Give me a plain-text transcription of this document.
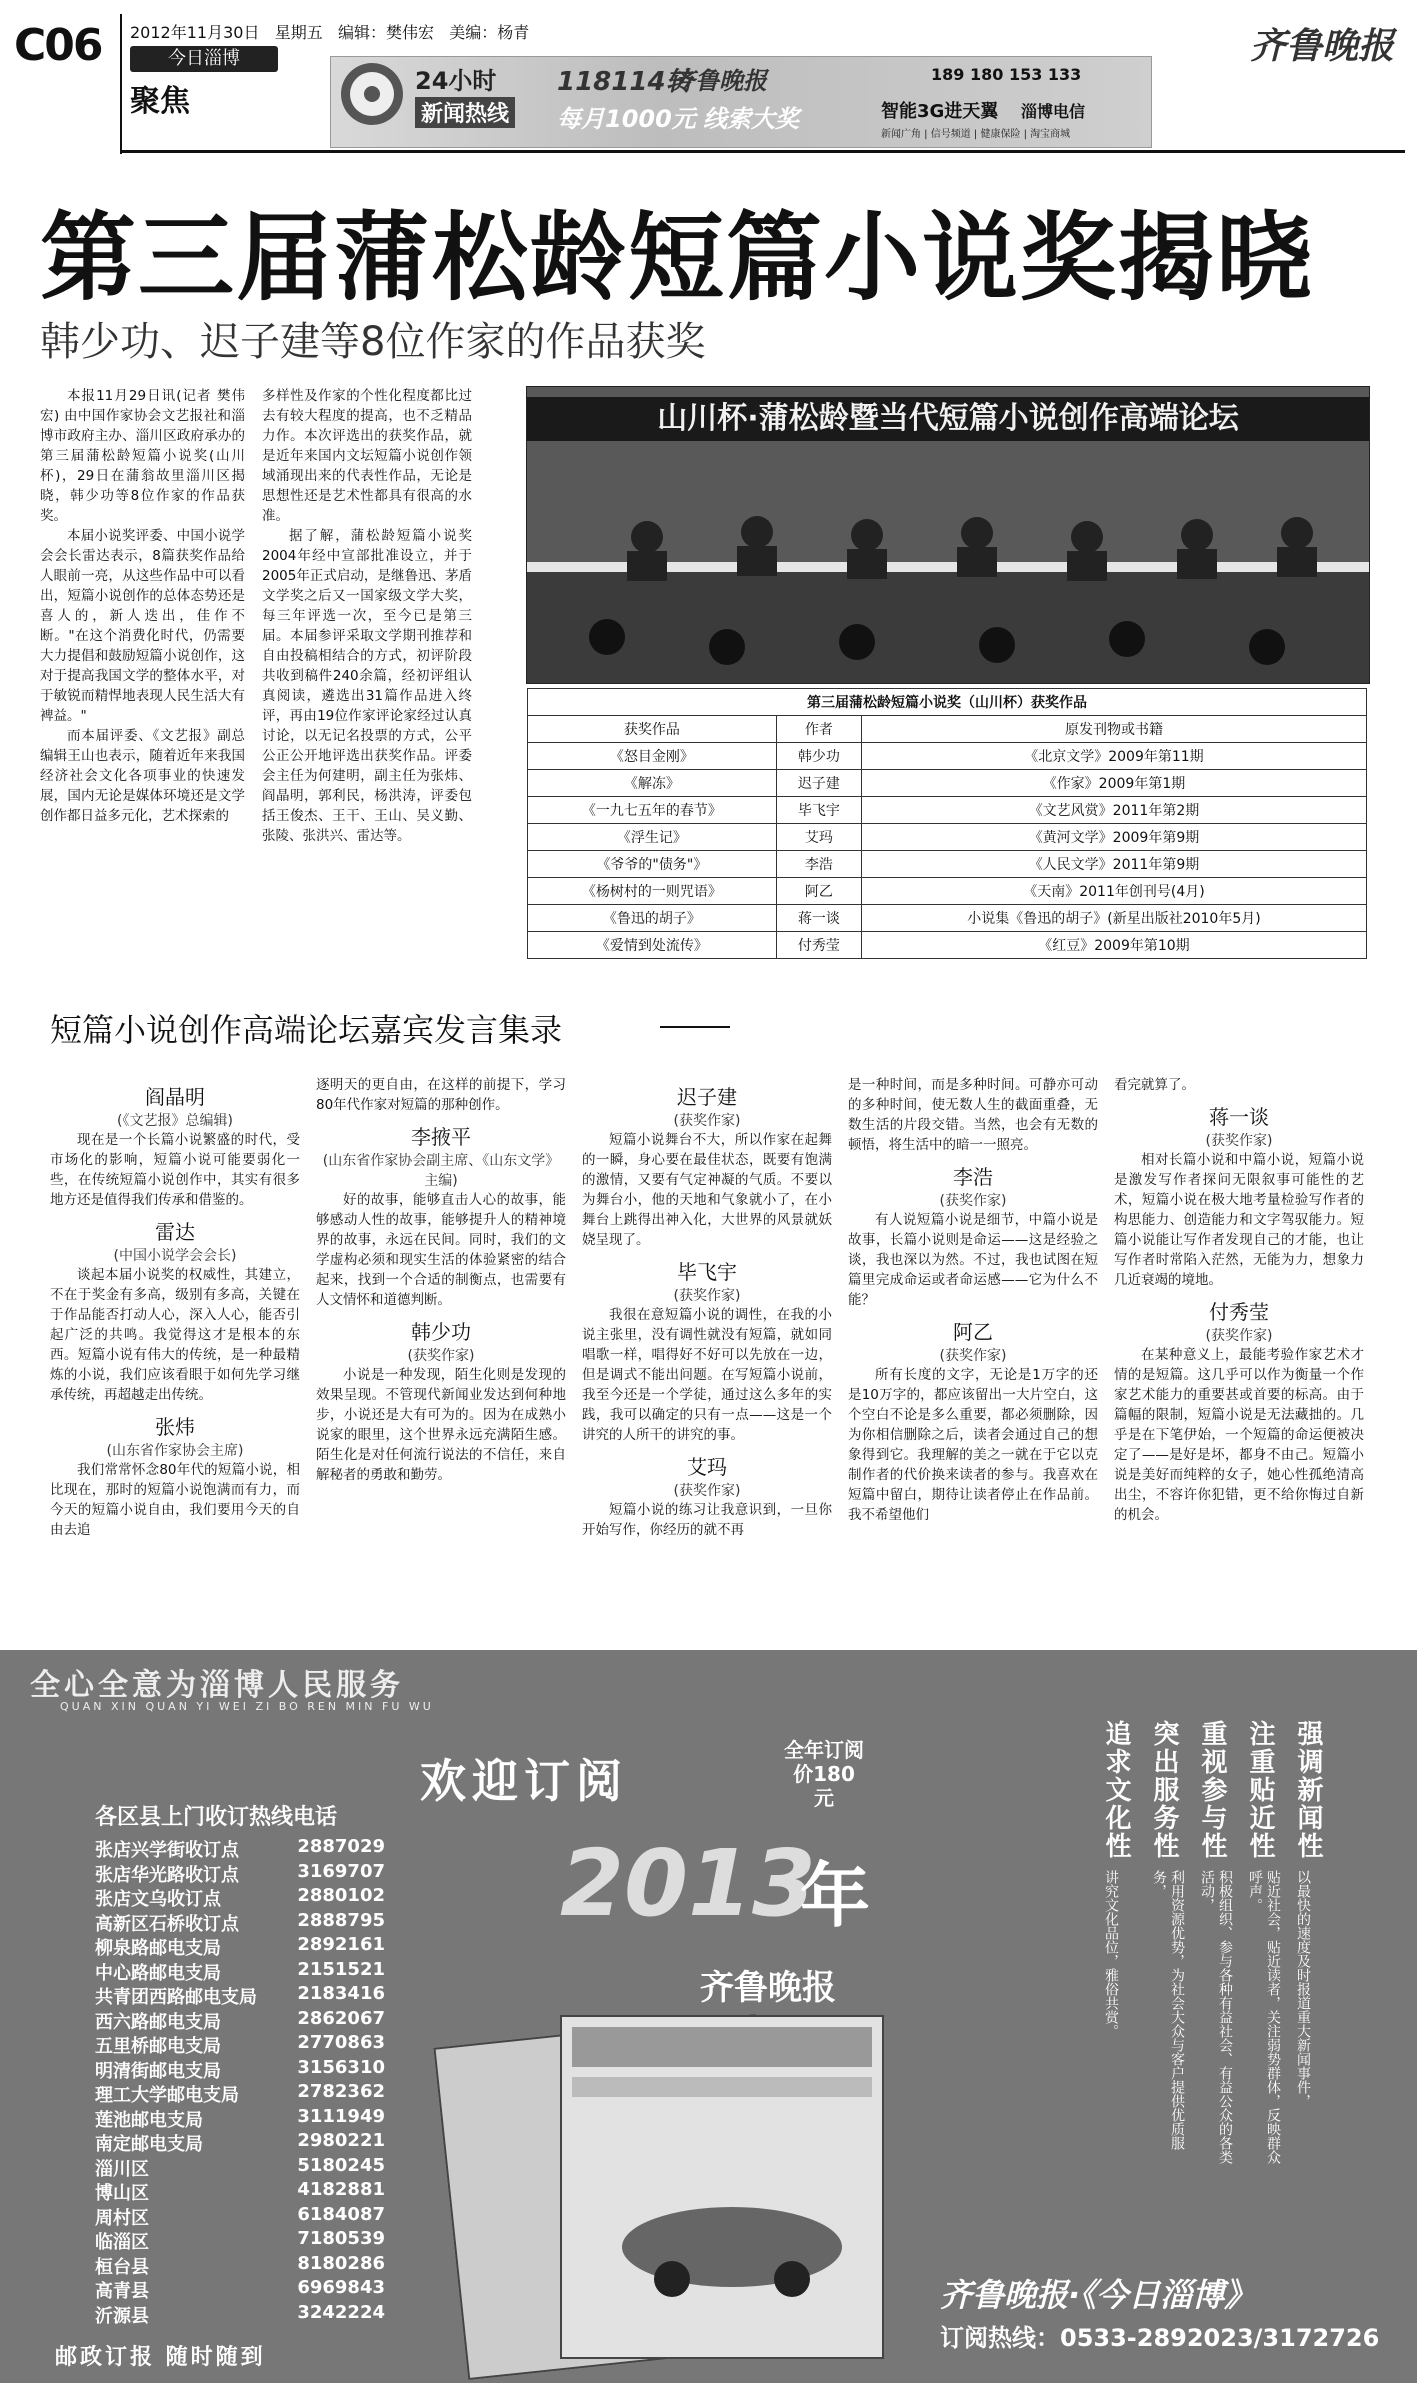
C06 2012年11月30日 星期五 编辑：樊伟宏 美编：杨青
今日淄博
聚焦
齐鲁晚报
24小时
新闻热线
118114转
齐鲁晚报
每月1000元 线索大奖
189 180 153 133
智能3G进天翼 淄博电信
新闻广角 | 信号频道 | 健康保险 | 淘宝商城
第三届蒲松龄短篇小说奖揭晓
韩少功、迟子建等8位作家的作品获奖

本报11月29日讯(记者 樊伟宏) 由中国作家协会文艺报社和淄博市政府主办、淄川区政府承办的第三届蒲松龄短篇小说奖(山川杯)，29日在蒲翁故里淄川区揭晓，韩少功等8位作家的作品获奖。

本届小说奖评委、中国小说学会会长雷达表示，8篇获奖作品给人眼前一亮，从这些作品中可以看出，短篇小说创作的总体态势还是喜人的，新人迭出，佳作不断。"在这个消费化时代，仍需要大力提倡和鼓励短篇小说创作，这对于提高我国文学的整体水平，对于敏锐而精悍地表现人民生活大有裨益。"

而本届评委、《文艺报》副总编辑王山也表示，随着近年来我国经济社会文化各项事业的快速发展，国内无论是媒体环境还是文学创作都日益多元化，艺术探索的

多样性及作家的个性化程度都比过去有较大程度的提高，也不乏精品力作。本次评选出的获奖作品，就是近年来国内文坛短篇小说创作领域涌现出来的代表性作品，无论是思想性还是艺术性都具有很高的水准。

据了解，蒲松龄短篇小说奖2004年经中宣部批准设立，并于2005年正式启动，是继鲁迅、茅盾文学奖之后又一国家级文学大奖，每三年评选一次，至今已是第三届。本届参评采取文学期刊推荐和自由投稿相结合的方式，初评阶段共收到稿件240余篇，经初评组认真阅读，遴选出31篇作品进入终评，再由19位作家评论家经过认真讨论，以无记名投票的方式，公平公正公开地评选出获奖作品。评委会主任为何建明，副主任为张炜、阎晶明，郭利民，杨洪涛，评委包括王俊杰、王干、王山、吴义勤、张陵、张洪兴、雷达等。

山川杯·蒲松龄暨当代短篇小说创作高端论坛
第三届蒲松龄短篇小说奖（山川杯）获奖作品		
获奖作品	作者	原发刊物或书籍
《怒目金刚》	韩少功	《北京文学》2009年第11期
《解冻》	迟子建	《作家》2009年第1期
《一九七五年的春节》	毕飞宇	《文艺风赏》2011年第2期
《浮生记》	艾玛	《黄河文学》2009年第9期
《爷爷的"债务"》	李浩	《人民文学》2011年第9期
《杨树村的一则咒语》	阿乙	《天南》2011年创刊号(4月)
《鲁迅的胡子》	蒋一谈	小说集《鲁迅的胡子》(新星出版社2010年5月)
《爱情到处流传》	付秀莹	《红豆》2009年第10期
短篇小说创作高端论坛嘉宾发言集录
阎晶明
(《文艺报》总编辑)

现在是一个长篇小说繁盛的时代，受市场化的影响，短篇小说可能要弱化一些，在传统短篇小说创作中，其实有很多地方还是值得我们传承和借鉴的。

雷达
(中国小说学会会长)

谈起本届小说奖的权威性，其建立，不在于奖金有多高，级别有多高，关键在于作品能否打动人心，深入人心，能否引起广泛的共鸣。我觉得这才是根本的东西。短篇小说有伟大的传统，是一种最精炼的小说，我们应该看眼于如何先学习继承传统，再超越走出传统。

张炜
(山东省作家协会主席)

我们常常怀念80年代的短篇小说，相比现在，那时的短篇小说饱满而有力，而今天的短篇小说自由，我们要用今天的自由去追

逐明天的更自由，在这样的前提下，学习80年代作家对短篇的那种创作。

李掖平
(山东省作家协会副主席、《山东文学》主编)

好的故事，能够直击人心的故事，能够感动人性的故事，能够提升人的精神境界的故事，永远在民间。同时，我们的文学虚构必须和现实生活的体验紧密的结合起来，找到一个合适的制衡点，也需要有人文情怀和道德判断。

韩少功
(获奖作家)

小说是一种发现，陌生化则是发现的效果呈现。不管现代新闻业发达到何种地步，小说还是大有可为的。因为在成熟小说家的眼里，这个世界永远充满陌生感。陌生化是对任何流行说法的不信任，来自解秘者的勇敢和勤劳。

迟子建
(获奖作家)

短篇小说舞台不大，所以作家在起舞的一瞬，身心要在最佳状态，既要有饱满的激情，又要有气定神凝的气质。不要以为舞台小，他的天地和气象就小了，在小舞台上跳得出神入化，大世界的风景就妖娆呈现了。

毕飞宇
(获奖作家)

我很在意短篇小说的调性，在我的小说主张里，没有调性就没有短篇，就如同唱歌一样，唱得好不好可以先放在一边，但是调式不能出问题。在写短篇小说前，我至今还是一个学徒，通过这么多年的实践，我可以确定的只有一点——这是一个讲究的人所干的讲究的事。

艾玛
(获奖作家)

短篇小说的练习让我意识到，一旦你开始写作，你经历的就不再

是一种时间，而是多种时间。可静亦可动的多种时间，使无数人生的截面重叠，无数生活的片段交错。当然，也会有无数的顿悟，将生活中的暗一一照亮。

李浩
(获奖作家)

有人说短篇小说是细节，中篇小说是故事，长篇小说则是命运——这是经验之谈，我也深以为然。不过，我也试图在短篇里完成命运或者命运感——它为什么不能？

阿乙
(获奖作家)

所有长度的文字，无论是1万字的还是10万字的，都应该留出一大片空白，这个空白不论是多么重要，都必须删除，因为你相信删除之后，读者会通过自己的想象得到它。我理解的美之一就在于它以克制作者的代价换来读者的参与。我喜欢在短篇中留白，期待让读者停止在作品前。我不希望他们

看完就算了。

蒋一谈
(获奖作家)

相对长篇小说和中篇小说，短篇小说是激发写作者探问无限叙事可能性的艺术，短篇小说在极大地考量检验写作者的构思能力、创造能力和文字驾驭能力。短篇小说能让写作者发现自己的才能，也让写作者时常陷入茫然，无能为力，想象力几近衰竭的境地。

付秀莹
(获奖作家)

在某种意义上，最能考验作家艺术才情的是短篇。这几乎可以作为衡量一个作家艺术能力的重要甚或首要的标高。由于篇幅的限制，短篇小说是无法藏拙的。几乎是在下笔伊始，一个短篇的命运便被决定了——是好是坏，都身不由己。短篇小说是美好而纯粹的女子，她心性孤绝清高出尘，不容许你犯错，更不给你悔过自新的机会。

全心全意为淄博人民服务
QUAN XIN QUAN YI WEI ZI BO REN MIN FU WU
欢迎订阅
全年订阅价180元
2013
年
齐鲁晚报
各区县上门收订热线电话
张店兴学街收订点	2887029
张店华光路收订点	3169707
张店文乌收订点	2880102
高新区石桥收订点	2888795
柳泉路邮电支局	2892161
中心路邮电支局	2151521
共青团西路邮电支局 2183416
西六路邮电支局	2862067
五里桥邮电支局	2770863
明清街邮电支局	3156310
理工大学邮电支局	2782362
莲池邮电支局	3111949
南定邮电支局	2980221
淄川区	5180245
博山区	4182881
周村区	6184087
临淄区	7180539
桓台县	8180286
高青县	6969843
沂源县	3242224
强调新闻性
以最快的速度及时报道重大新闻事件，
注重贴近性
贴近社会，贴近读者，关注弱势群体，反映群众呼声。
重视参与性
积极组织、参与各种有益社会、有益公众的各类活动，
突出服务性
利用资源优势，为社会大众与客户提供优质服务，
追求文化性
讲究文化品位，雅俗共赏。
齐鲁晚报·《今日淄博》
订阅热线：0533-2892023/3172726
邮政订报 随时随到
